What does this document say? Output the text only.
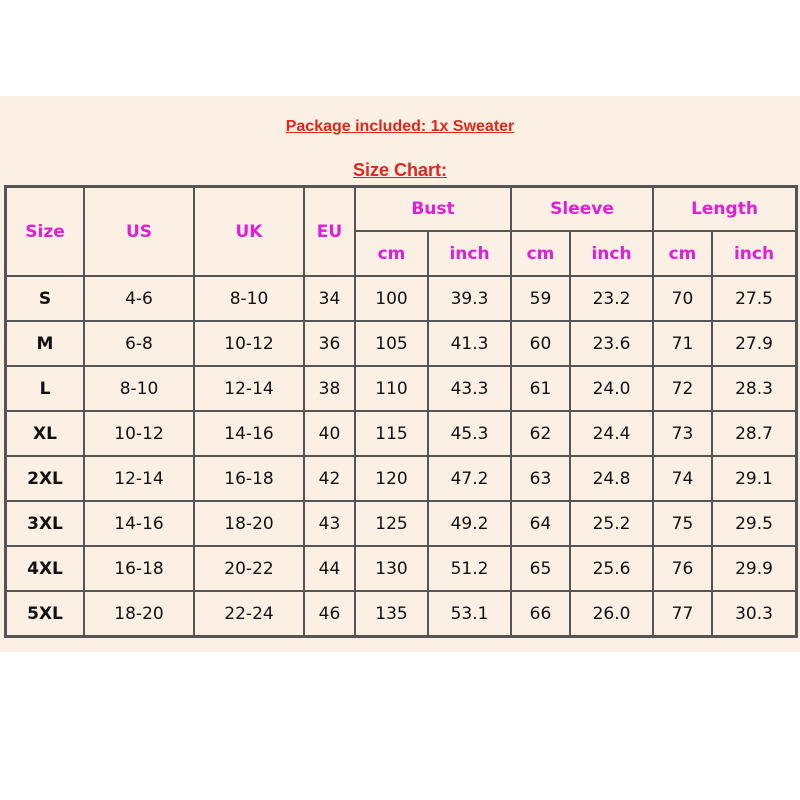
Package included: 1x Sweater
Size Chart:
Size	US	UK	EU	Bust		Sleeve		Length	
				cm	inch	cm	inch	cm	inch
S	4-6	8-10	34	100	39.3	59	23.2	70	27.5
M	6-8	10-12	36	105	41.3	60	23.6	71	27.9
L	8-10	12-14	38	110	43.3	61	24.0	72	28.3
XL	10-12	14-16	40	115	45.3	62	24.4	73	28.7
2XL	12-14	16-18	42	120	47.2	63	24.8	74	29.1
3XL	14-16	18-20	43	125	49.2	64	25.2	75	29.5
4XL	16-18	20-22	44	130	51.2	65	25.6	76	29.9
5XL	18-20	22-24	46	135	53.1	66	26.0	77	30.3
